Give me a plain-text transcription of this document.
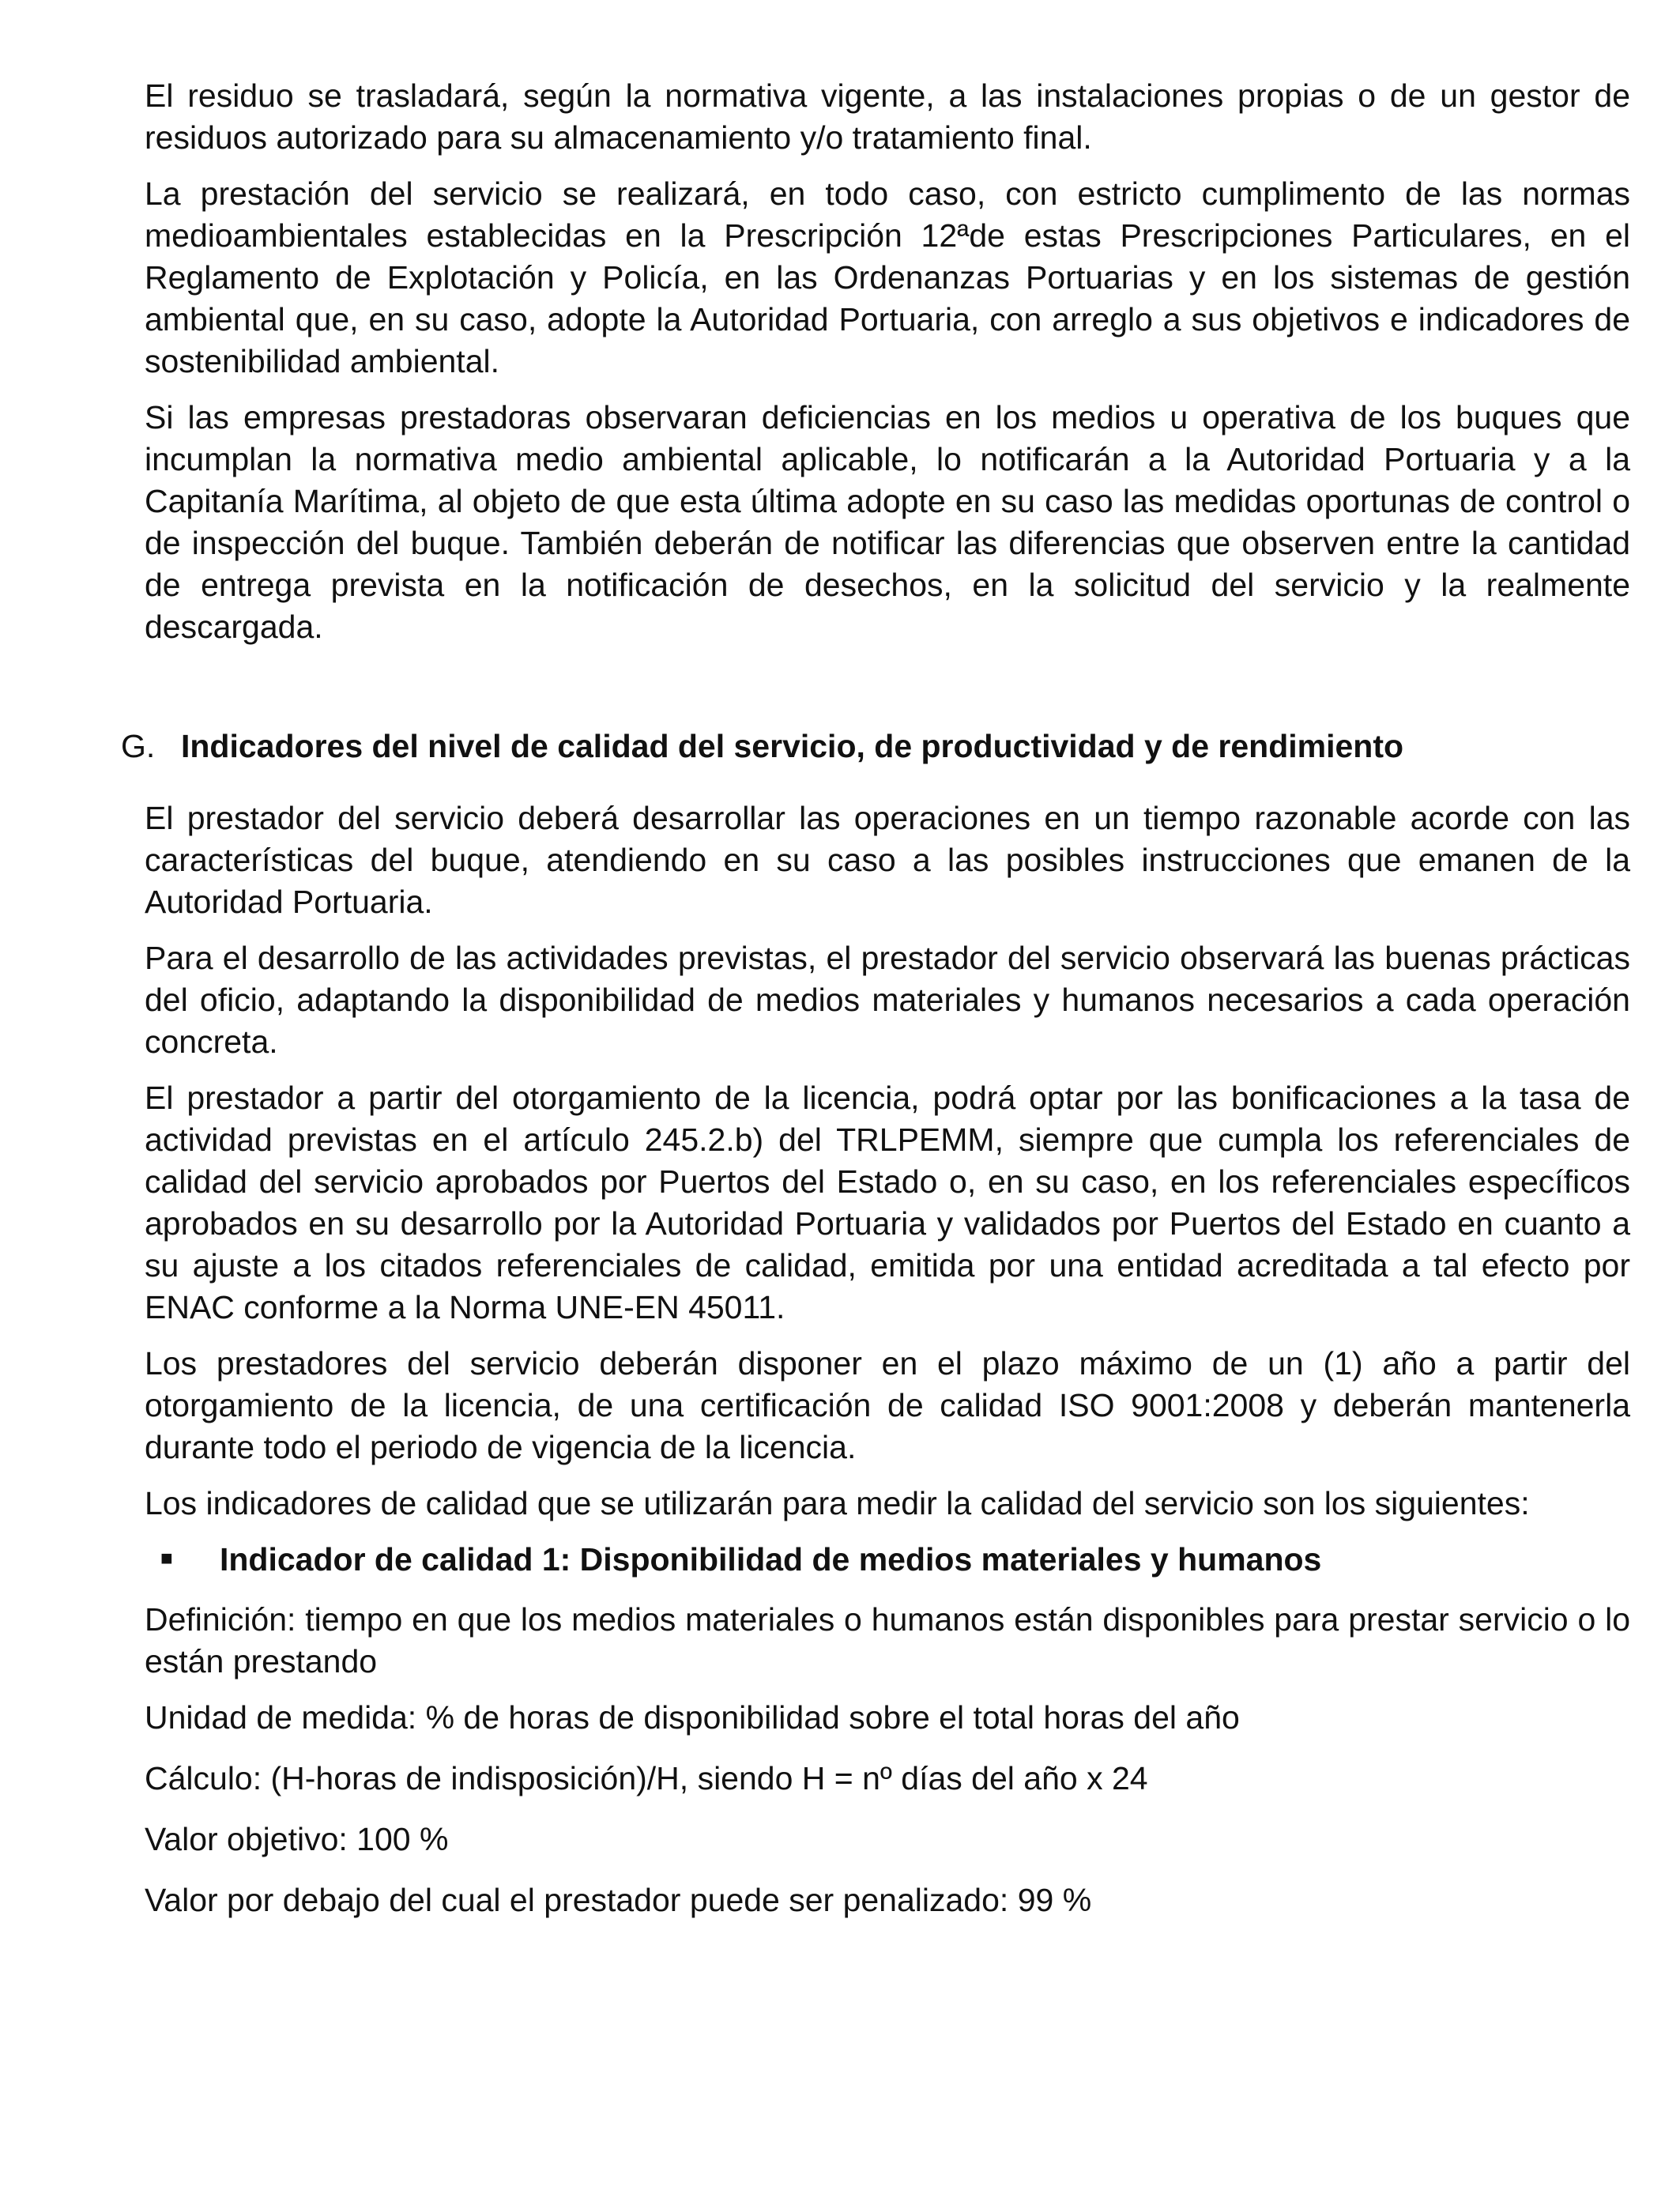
El residuo se trasladará, según la normativa vigente, a las instalaciones propias o de un gestor de residuos autorizado para su almacenamiento y/o tratamiento final.

La prestación del servicio se realizará, en todo caso, con estricto cumplimento de las normas medioambientales establecidas en la Prescripción 12ªde estas Prescripciones Particulares, en el Reglamento de Explotación y Policía, en las Ordenanzas Portuarias y en los sistemas de gestión ambiental que, en su caso, adopte la Autoridad Portuaria, con arreglo a sus objetivos e indicadores de sostenibilidad ambiental.

Si las empresas prestadoras observaran deficiencias en los medios u operativa de los buques que incumplan la normativa medio ambiental aplicable, lo notificarán a la Autoridad Portuaria y a la Capitanía Marítima, al objeto de que esta última adopte en su caso las medidas oportunas de control o de inspección del buque. También deberán de notificar las diferencias que observen entre la cantidad de entrega prevista en la notificación de desechos, en la solicitud del servicio y la realmente descargada.

G. Indicadores del nivel de calidad del servicio, de productividad y de rendimiento

El prestador del servicio deberá desarrollar las operaciones en un tiempo razonable acorde con las características del buque, atendiendo en su caso a las posibles instrucciones que emanen de la Autoridad Portuaria.

Para el desarrollo de las actividades previstas, el prestador del servicio observará las buenas prácticas del oficio, adaptando la disponibilidad de medios materiales y humanos necesarios a cada operación concreta.

El prestador a partir del otorgamiento de la licencia, podrá optar por las bonificaciones a la tasa de actividad previstas en el artículo 245.2.b) del TRLPEMM, siempre que cumpla los referenciales de calidad del servicio aprobados por Puertos del Estado o, en su caso, en los referenciales específicos aprobados en su desarrollo por la Autoridad Portuaria y validados por Puertos del Estado en cuanto a su ajuste a los citados referenciales de calidad, emitida por una entidad acreditada a tal efecto por ENAC conforme a la Norma UNE-EN 45011.

Los prestadores del servicio deberán disponer en el plazo máximo de un (1) año a partir del otorgamiento de la licencia, de una certificación de calidad ISO 9001:2008 y deberán mantenerla durante todo el periodo de vigencia de la licencia.

Los indicadores de calidad que se utilizarán para medir la calidad del servicio son los siguientes:

■ Indicador de calidad 1: Disponibilidad de medios materiales y humanos

Definición: tiempo en que los medios materiales o humanos están disponibles para prestar servicio o lo están prestando

Unidad de medida: % de horas de disponibilidad sobre el total horas del año

Cálculo: (H-horas de indisposición)/H, siendo H = nº días del año x 24

Valor objetivo: 100 %

Valor por debajo del cual el prestador puede ser penalizado: 99 %
